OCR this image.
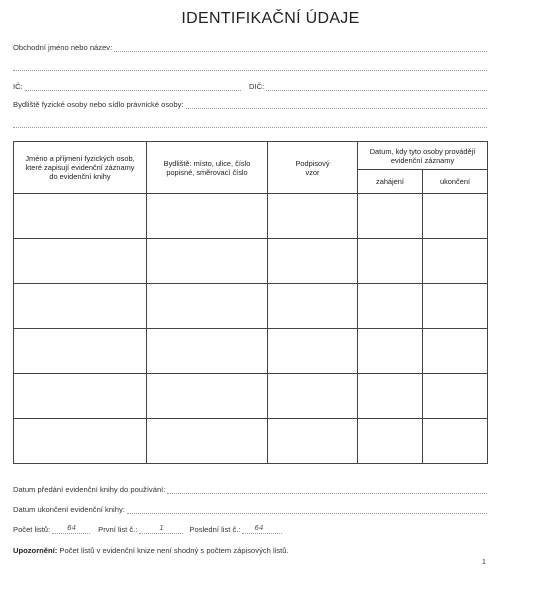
IDENTIFIKAČNÍ ÚDAJE
Obchodní jméno nebo název:
IČ:	DIČ:
Bydliště fyzické osoby nebo sídlo právnické osoby:
Jméno a příjmení fyzických osob, které zapisují evidenční záznamy do evidenční knihy	Bydliště: místo, ulice, číslo popisné, směrovací číslo	Podpisový vzor	Datum, kdy tyto osoby provádějí evidenční záznamy	
			zahájení	ukončení

Datum předání evidenční knihy do používání:
Datum ukončení evidenční knihy:
Počet listů: 64	První list č.:	1	Poslední list č.: 64
Upozornění: Počet listů v evidenční knize není shodný s počtem zápisových listů.
1
